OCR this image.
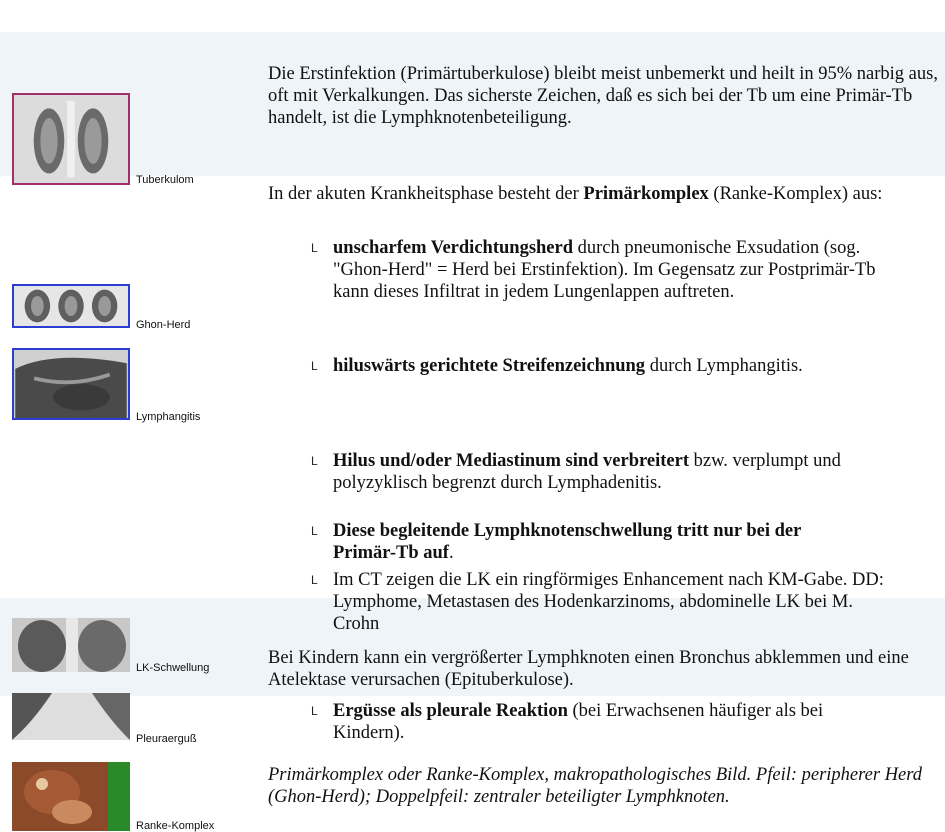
Tuberkulom
Ghon-Herd
Lymphangitis
LK-Schwellung
Pleuraerguß
Ranke-Komplex

Die Erstinfektion (Primärtuberkulose) bleibt meist unbemerkt und heilt in 95% narbig aus, oft mit Verkalkungen. Das sicherste Zeichen, daß es sich bei der Tb um eine Primär-Tb handelt, ist die Lymphknotenbeteiligung.

In der akuten Krankheitsphase besteht der Primärkomplex (Ranke-Komplex) aus:

L unscharfem Verdichtungsherd durch pneumonische Exsudation (sog. "Ghon-Herd" = Herd bei Erstinfektion). Im Gegensatz zur Postprimär-Tb kann dieses Infiltrat in jedem Lungenlappen auftreten.

L hiluswärts gerichtete Streifenzeichnung durch Lymphangitis.

L Hilus und/oder Mediastinum sind verbreitert bzw. verplumpt und polyzyklisch begrenzt durch Lymphadenitis.

L Diese begleitende Lymphknotenschwellung tritt nur bei der Primär-Tb auf.

L Im CT zeigen die LK ein ringförmiges Enhancement nach KM-Gabe. DD: Lymphome, Metastasen des Hodenkarzinoms, abdominelle LK bei M. Crohn

Bei Kindern kann ein vergrößerter Lymphknoten einen Bronchus abklemmen und eine Atelektase verursachen (Epituberkulose).

L Ergüsse als pleurale Reaktion (bei Erwachsenen häufiger als bei Kindern).

Primärkomplex oder Ranke-Komplex, makropathologisches Bild. Pfeil: peripherer Herd (Ghon-Herd); Doppelpfeil: zentraler beteiligter Lymphknoten.
